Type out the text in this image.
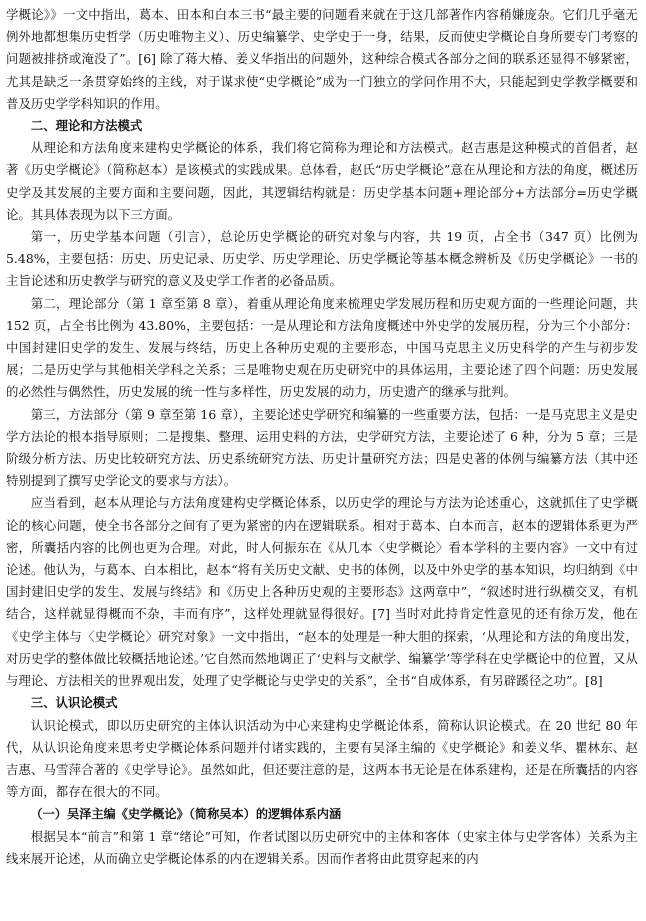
学概论》》一文中指出，葛本、田本和白本三书“最主要的问题看来就在于这几部著作内容稍嫌庞杂。它们几乎毫无例外地都想集历史哲学（历史唯物主义）、历史编纂学、史学史于一身，结果，反而使史学概论自身所要专门考察的问题被排挤或淹没了”。[6] 除了蒋大椿、姜义华指出的问题外，这种综合模式各部分之间的联系还显得不够紧密，尤其是缺乏一条贯穿始终的主线，对于谋求使“史学概论”成为一门独立的学问作用不大，只能起到史学教学概要和普及历史学学科知识的作用。

二、理论和方法模式

从理论和方法角度来建构史学概论的体系，我们将它简称为理论和方法模式。赵吉惠是这种模式的首倡者，赵著《历史学概论》（简称赵本）是该模式的实践成果。总体看，赵氏“历史学概论”意在从理论和方法的角度，概述历史学及其发展的主要方面和主要问题，因此，其逻辑结构就是：历史学基本问题+理论部分+方法部分=历史学概论。其具体表现为以下三方面。

第一，历史学基本问题（引言），总论历史学概论的研究对象与内容，共 19 页，占全书（347 页）比例为 5.48%，主要包括：历史、历史记录、历史学、历史学理论、历史学概论等基本概念辨析及《历史学概论》一书的主旨论述和历史教学与研究的意义及史学工作者的必备品质。

第二，理论部分（第 1 章至第 8 章），着重从理论角度来梳理史学发展历程和历史观方面的一些理论问题，共 152 页，占全书比例为 43.80%，主要包括：一是从理论和方法角度概述中外史学的发展历程，分为三个小部分：中国封建旧史学的发生、发展与终结，历史上各种历史观的主要形态，中国马克思主义历史科学的产生与初步发展；二是历史学与其他相关学科之关系；三是唯物史观在历史研究中的具体运用，主要论述了四个问题：历史发展的必然性与偶然性，历史发展的统一性与多样性，历史发展的动力，历史遗产的继承与批判。

第三，方法部分（第 9 章至第 16 章），主要论述史学研究和编纂的一些重要方法，包括：一是马克思主义是史学方法论的根本指导原则；二是搜集、整理、运用史料的方法，史学研究方法，主要论述了 6 种，分为 5 章；三是阶级分析方法、历史比较研究方法、历史系统研究方法、历史计量研究方法；四是史著的体例与编纂方法（其中还特别提到了撰写史学论文的要求与方法）。

应当看到，赵本从理论与方法角度建构史学概论体系，以历史学的理论与方法为论述重心，这就抓住了史学概论的核心问题，使全书各部分之间有了更为紧密的内在逻辑联系。相对于葛本、白本而言，赵本的逻辑体系更为严密，所囊括内容的比例也更为合理。对此，时人何振东在《从几本〈史学概论〉看本学科的主要内容》一文中有过论述。他认为，与葛本、白本相比，赵本“将有关历史文献、史书的体例，以及中外史学的基本知识，均归纳到《中国封建旧史学的发生、发展与终结》和《历史上各种历史观的主要形态》这两章中”，“叙述时进行纵横交叉，有机结合，这样就显得概而不杂，丰而有序”，这样处理就显得很好。[7] 当时对此持肯定性意见的还有徐万发，他在《史学主体与〈史学概论〉研究对象》一文中指出，“赵本的处理是一种大胆的探索，‘从理论和方法的角度出发，对历史学的整体做比较概括地论述。’它自然而然地调正了‘史料与文献学、编纂学’等学科在史学概论中的位置，又从与理论、方法相关的世界观出发，处理了史学概论与史学史的关系”，全书“自成体系，有另辟蹊径之功”。[8]

三、认识论模式

认识论模式，即以历史研究的主体认识活动为中心来建构史学概论体系，简称认识论模式。在 20 世纪 80 年代，从认识论角度来思考史学概论体系问题并付诸实践的，主要有吴泽主编的《史学概论》和姜义华、瞿林东、赵吉惠、马雪萍合著的《史学导论》。虽然如此，但还要注意的是，这两本书无论是在体系建构，还是在所囊括的内容等方面，都存在很大的不同。

（一）吴泽主编《史学概论》（简称吴本）的逻辑体系内涵

根据吴本“前言”和第 1 章“绪论”可知，作者试图以历史研究中的主体和客体（史家主体与史学客体）关系为主线来展开论述，从而确立史学概论体系的内在逻辑关系。因而作者将由此贯穿起来的内
